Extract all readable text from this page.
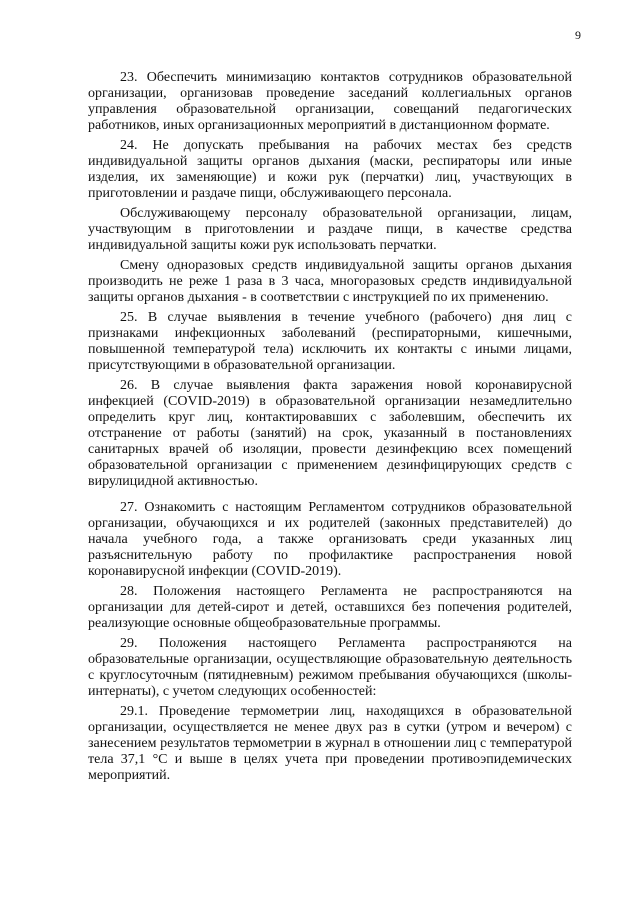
9

23. Обеспечить минимизацию контактов сотрудников образовательной организации, организовав проведение заседаний коллегиальных органов управления образовательной организации, совещаний педагогических работников, иных организационных мероприятий в дистанционном формате.

24. Не допускать пребывания на рабочих местах без средств индивидуальной защиты органов дыхания (маски, респираторы или иные изделия, их заменяющие) и кожи рук (перчатки) лиц, участвующих в приготовлении и раздаче пищи, обслуживающего персонала.

Обслуживающему персоналу образовательной организации, лицам, участвующим в приготовлении и раздаче пищи, в качестве средства индивидуальной защиты кожи рук использовать перчатки.

Смену одноразовых средств индивидуальной защиты органов дыхания производить не реже 1 раза в 3 часа, многоразовых средств индивидуальной защиты органов дыхания - в соответствии с инструкцией по их применению.

25. В случае выявления в течение учебного (рабочего) дня лиц с признаками инфекционных заболеваний (респираторными, кишечными, повышенной температурой тела) исключить их контакты с иными лицами, присутствующими в образовательной организации.

26. В случае выявления факта заражения новой коронавирусной инфекцией (COVID-2019) в образовательной организации незамедлительно определить круг лиц, контактировавших с заболевшим, обеспечить их отстранение от работы (занятий) на срок, указанный в постановлениях санитарных врачей об изоляции, провести дезинфекцию всех помещений образовательной организации с применением дезинфицирующих средств с вирулицидной активностью.

27. Ознакомить с настоящим Регламентом сотрудников образовательной организации, обучающихся и их родителей (законных представителей) до начала учебного года, а также организовать среди указанных лиц разъяснительную работу по профилактике распространения новой коронавирусной инфекции (COVID-2019).

28. Положения настоящего Регламента не распространяются на организации для детей-сирот и детей, оставшихся без попечения родителей, реализующие основные общеобразовательные программы.

29. Положения настоящего Регламента распространяются на образовательные организации, осуществляющие образовательную деятельность с круглосуточным (пятидневным) режимом пребывания обучающихся (школы-интернаты), с учетом следующих особенностей:

29.1. Проведение термометрии лиц, находящихся в образовательной организации, осуществляется не менее двух раз в сутки (утром и вечером) с занесением результатов термометрии в журнал в отношении лиц с температурой тела 37,1 °С и выше в целях учета при проведении противоэпидемических мероприятий.
